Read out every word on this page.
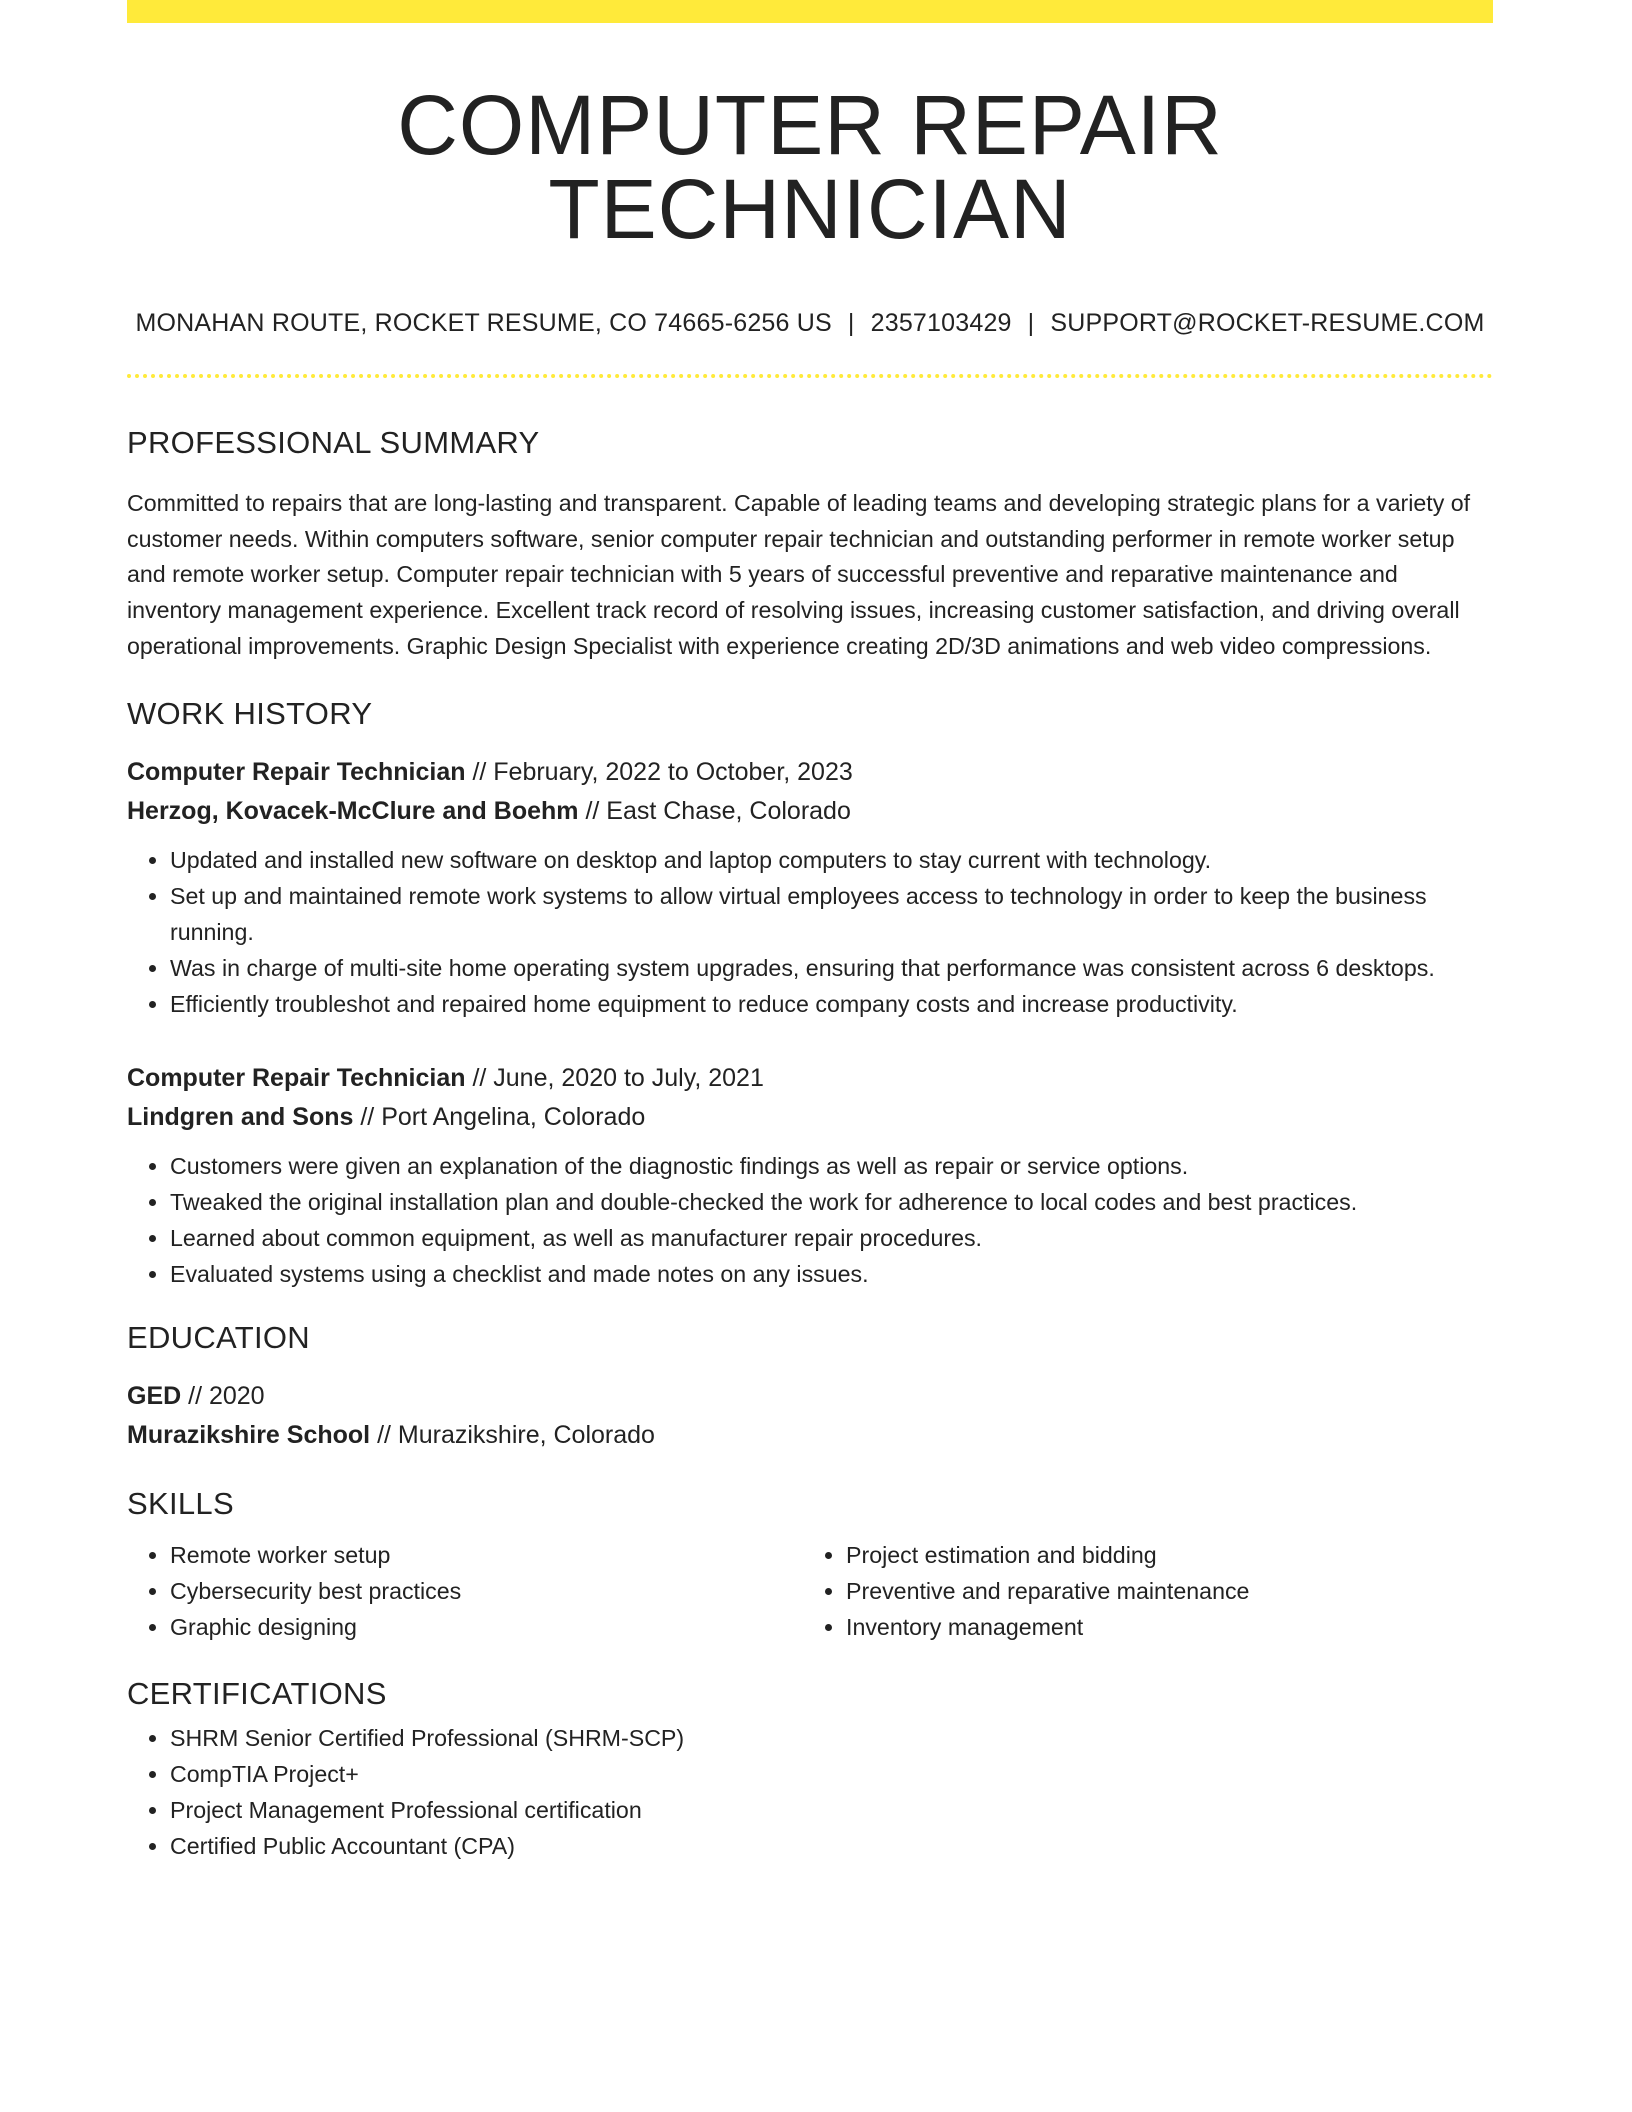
COMPUTER REPAIR TECHNICIAN
MONAHAN ROUTE, ROCKET RESUME, CO 74665-6256 US | 2357103429 | SUPPORT@ROCKET-RESUME.COM
PROFESSIONAL SUMMARY

Committed to repairs that are long-lasting and transparent. Capable of leading teams and developing strategic plans for a variety of customer needs. Within computers software, senior computer repair technician and outstanding performer in remote worker setup and remote worker setup. Computer repair technician with 5 years of successful preventive and reparative maintenance and inventory management experience. Excellent track record of resolving issues, increasing customer satisfaction, and driving overall operational improvements. Graphic Design Specialist with experience creating 2D/3D animations and web video compressions.

WORK HISTORY
Computer Repair Technician // February, 2022 to October, 2023
Herzog, Kovacek-McClure and Boehm // East Chase, Colorado
• Updated and installed new software on desktop and laptop computers to stay current with technology.
• Set up and maintained remote work systems to allow virtual employees access to technology in order to keep the business running.
• Was in charge of multi-site home operating system upgrades, ensuring that performance was consistent across 6 desktops.
• Efficiently troubleshot and repaired home equipment to reduce company costs and increase productivity.
Computer Repair Technician // June, 2020 to July, 2021
Lindgren and Sons // Port Angelina, Colorado
• Customers were given an explanation of the diagnostic findings as well as repair or service options.
• Tweaked the original installation plan and double-checked the work for adherence to local codes and best practices.
• Learned about common equipment, as well as manufacturer repair procedures.
• Evaluated systems using a checklist and made notes on any issues.
EDUCATION
GED // 2020
Murazikshire School // Murazikshire, Colorado
SKILLS
• Remote worker setup
• Cybersecurity best practices
• Graphic designing
• Project estimation and bidding
• Preventive and reparative maintenance
• Inventory management
CERTIFICATIONS
• SHRM Senior Certified Professional (SHRM-SCP)
• CompTIA Project+
• Project Management Professional certification
• Certified Public Accountant (CPA)
